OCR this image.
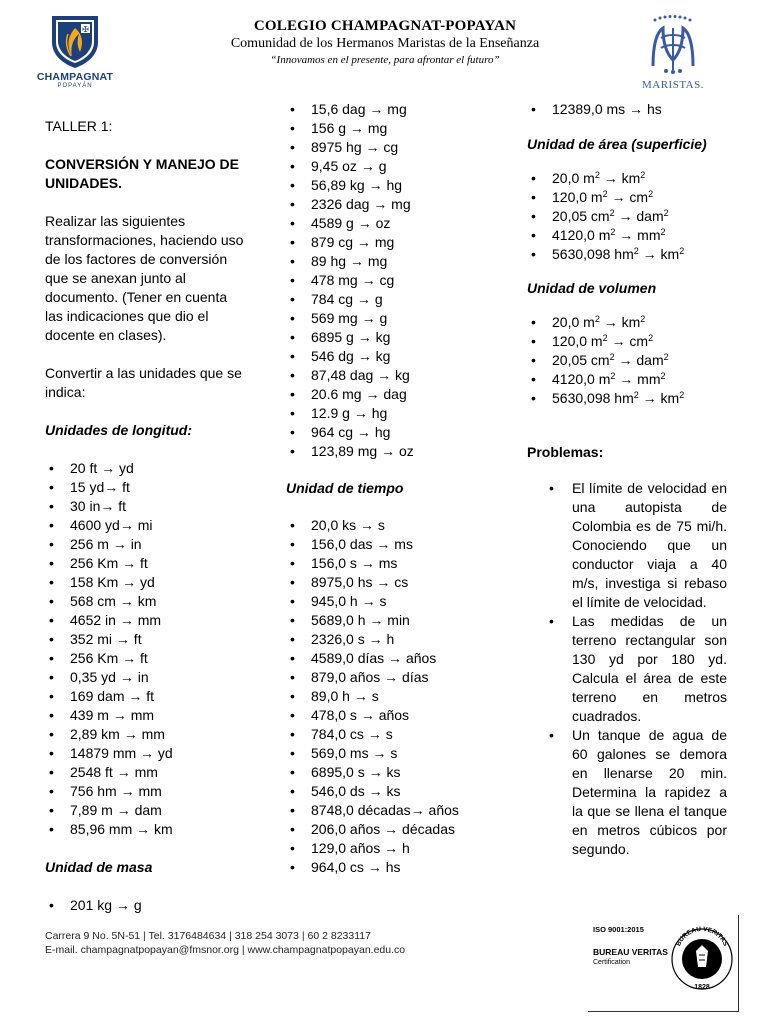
✠
CHAMPAGNAT
POPAYÁN
COLEGIO CHAMPAGNAT-POPAYAN
Comunidad de los Hermanos Maristas de la Enseñanza
“Innovamos en el presente, para afrontar el futuro”
MARISTAS.

TALLER 1:

CONVERSIÓN Y MANEJO DE UNIDADES.

Realizar las siguientes transformaciones, haciendo uso de los factores de conversión que se anexan junto al documento. (Tener en cuenta las indicaciones que dio el docente en clases).

Convertir a las unidades que se indica:

Unidades de longitud:

• 20 ft → yd
• 15 yd→ ft
• 30 in→ ft
• 4600 yd→ mi
• 256 m → in
• 256 Km → ft
• 158 Km → yd
• 568 cm → km
• 4652 in → mm
• 352 mi → ft
• 256 Km → ft
• 0,35 yd → in
• 169 dam → ft
• 439 m → mm
• 2,89 km → mm
• 14879 mm → yd
• 2548 ft → mm
• 756 hm → mm
• 7,89 m → dam
• 85,96 mm → km

Unidad de masa

• 201 kg → g
• 15,6 dag → mg
• 156 g → mg
• 8975 hg → cg
• 9,45 oz → g
• 56,89 kg → hg
• 2326 dag → mg
• 4589 g → oz
• 879 cg → mg
• 89 hg → mg
• 478 mg → cg
• 784 cg → g
• 569 mg → g
• 6895 g → kg
• 546 dg → kg
• 87,48 dag → kg
• 20.6 mg → dag
• 12.9 g → hg
• 964 cg → hg
• 123,89 mg → oz

Unidad de tiempo

• 20,0 ks → s
• 156,0 das → ms
• 156,0 s → ms
• 8975,0 hs → cs
• 945,0 h → s
• 5689,0 h → min
• 2326,0 s → h
• 4589,0 días → años
• 879,0 años → días
• 89,0 h → s
• 478,0 s → años
• 784,0 cs → s
• 569,0 ms → s
• 6895,0 s → ks
• 546,0 ds → ks
• 8748,0 décadas→ años
• 206,0 años → décadas
• 129,0 años → h
• 964,0 cs → hs
• 12389,0 ms → hs

Unidad de área (superficie)

• 20,0 $m^2 \to km^2$
• 120,0 $m^2 \to cm^2$
• 20,05 $cm^2 \to dam^2$
• 4120,0 $m^2 \to mm^2$
• 5630,098 $hm^2 \to km^2$

Unidad de volumen

• 20,0 $m^2 \to km^2$
• 120,0 $m^2 \to cm^2$
• 20,05 $cm^2 \to dam^2$
• 4120,0 $m^2 \to mm^2$
• 5630,098 $hm^2 \to km^2$

Problemas:

• El límite de velocidad en una autopista de Colombia es de 75 mi/h. Conociendo que un conductor viaja a 40 m/s, investiga si rebaso el límite de velocidad.
• Las medidas de un terreno rectangular son 130 yd por 180 yd. Calcula el área de este terreno en metros cuadrados.
• Un tanque de agua de 60 galones se demora en llenarse 20 min. Determina la rapidez a la que se llena el tanque en metros cúbicos por segundo.
Carrera 9 No. 5N-51 | Tel. 3176484634 | 318 254 3073 | 60 2 8233117
E-mail. champagnatpopayan@fmsnor.org | www.champagnatpopayan.edu.co
ISO 9001:2015
BUREAU VERITAS
Certification
BUREAU VERITAS
1828
